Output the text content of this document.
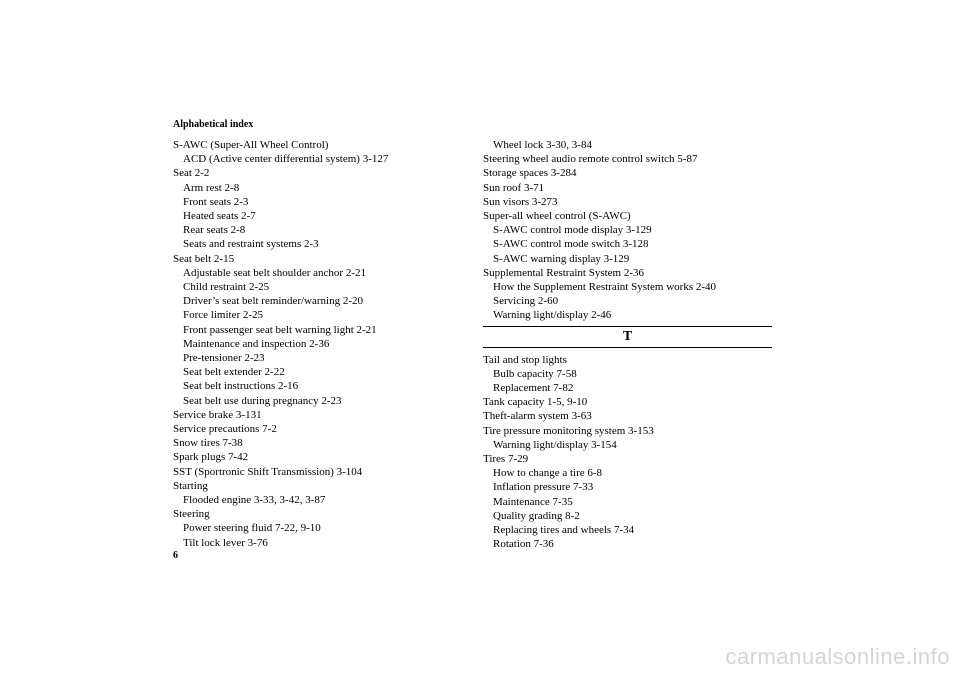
Alphabetical index
S-AWC (Super-All Wheel Control)
ACD (Active center differential system) 3-127
Seat 2-2
Arm rest 2-8
Front seats 2-3
Heated seats 2-7
Rear seats 2-8
Seats and restraint systems 2-3
Seat belt 2-15
Adjustable seat belt shoulder anchor 2-21
Child restraint 2-25
Driver’s seat belt reminder/warning 2-20
Force limiter 2-25
Front passenger seat belt warning light 2-21
Maintenance and inspection 2-36
Pre-tensioner 2-23
Seat belt extender 2-22
Seat belt instructions 2-16
Seat belt use during pregnancy 2-23
Service brake 3-131
Service precautions 7-2
Snow tires 7-38
Spark plugs 7-42
SST (Sportronic Shift Transmission) 3-104
Starting
Flooded engine 3-33, 3-42, 3-87
Steering
Power steering fluid 7-22, 9-10
Tilt lock lever 3-76
Wheel lock 3-30, 3-84
Steering wheel audio remote control switch 5-87
Storage spaces 3-284
Sun roof 3-71
Sun visors 3-273
Super-all wheel control (S-AWC)
S-AWC control mode display 3-129
S-AWC control mode switch 3-128
S-AWC warning display 3-129
Supplemental Restraint System 2-36
How the Supplement Restraint System works 2-40
Servicing 2-60
Warning light/display 2-46
T
Tail and stop lights
Bulb capacity 7-58
Replacement 7-82
Tank capacity 1-5, 9-10
Theft-alarm system 3-63
Tire pressure monitoring system 3-153
Warning light/display 3-154
Tires 7-29
How to change a tire 6-8
Inflation pressure 7-33
Maintenance 7-35
Quality grading 8-2
Replacing tires and wheels 7-34
Rotation 7-36
6
carmanualsonline.info
